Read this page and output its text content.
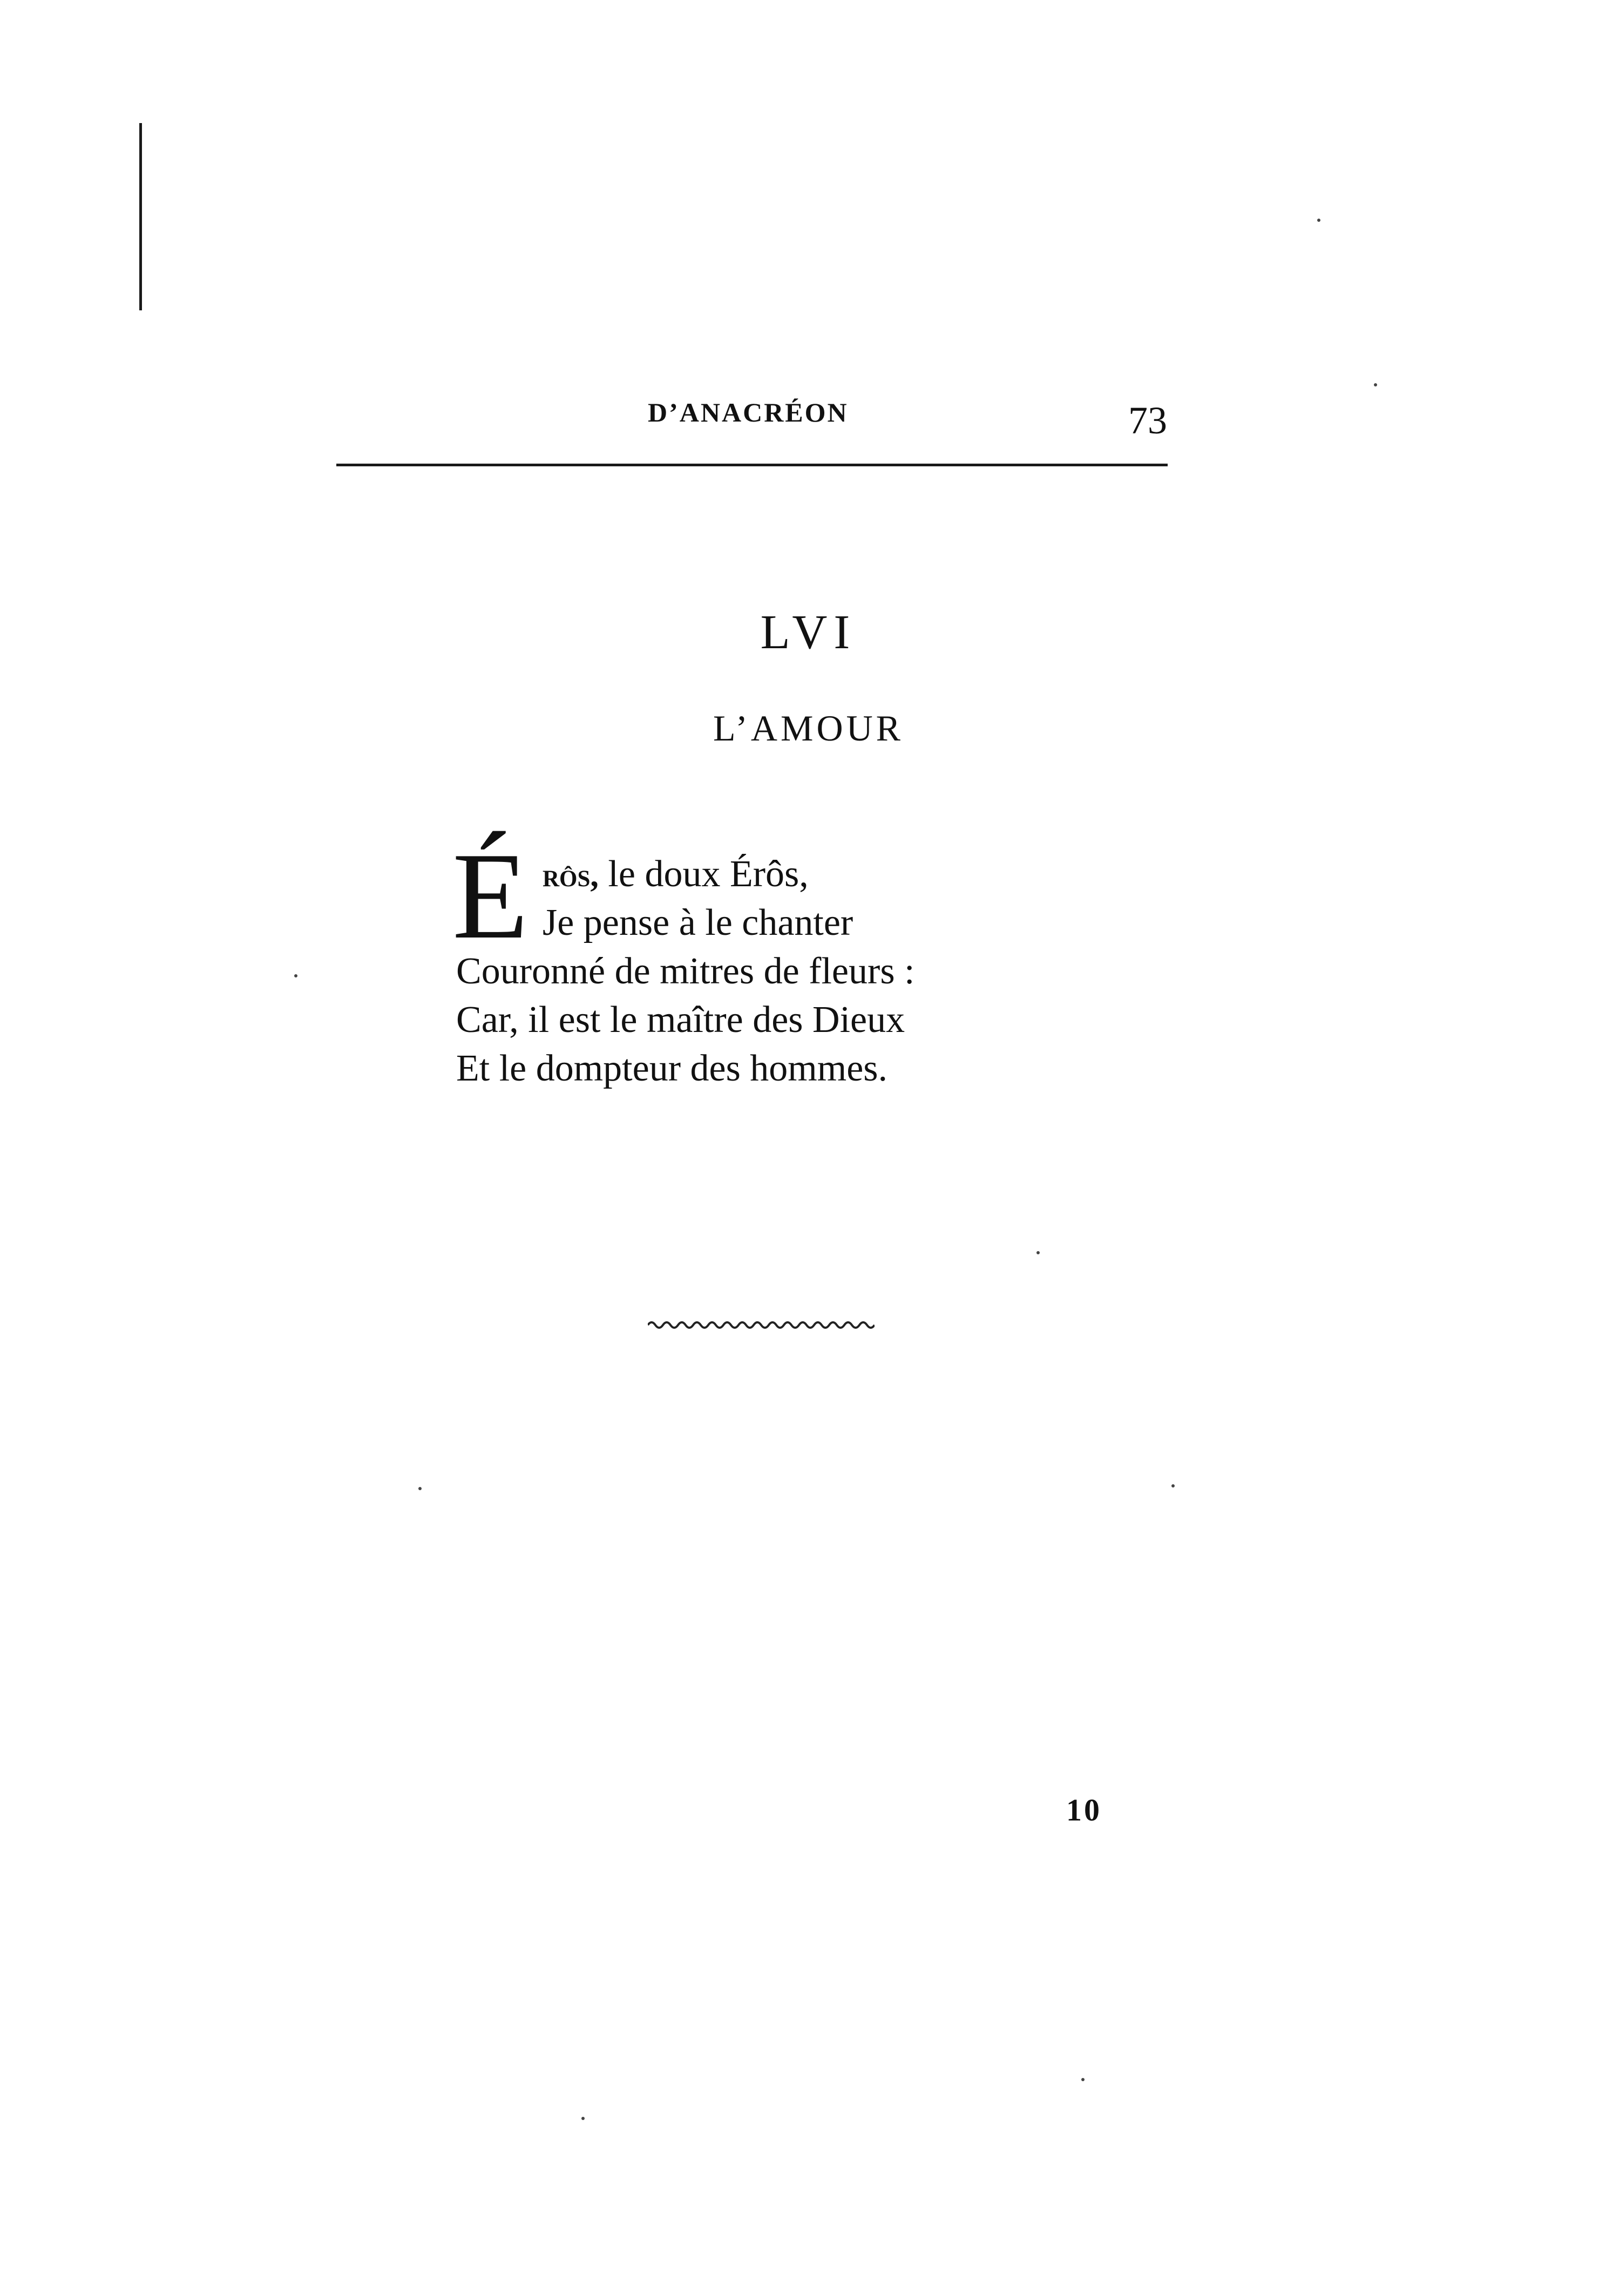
D’ANACRÉON	73
LVI
L’AMOUR
É rôs, le doux Érôs,
Je pense à le chanter
Couronné de mitres de fleurs :
Car, il est le maître des Dieux
Et le dompteur des hommes.
10
